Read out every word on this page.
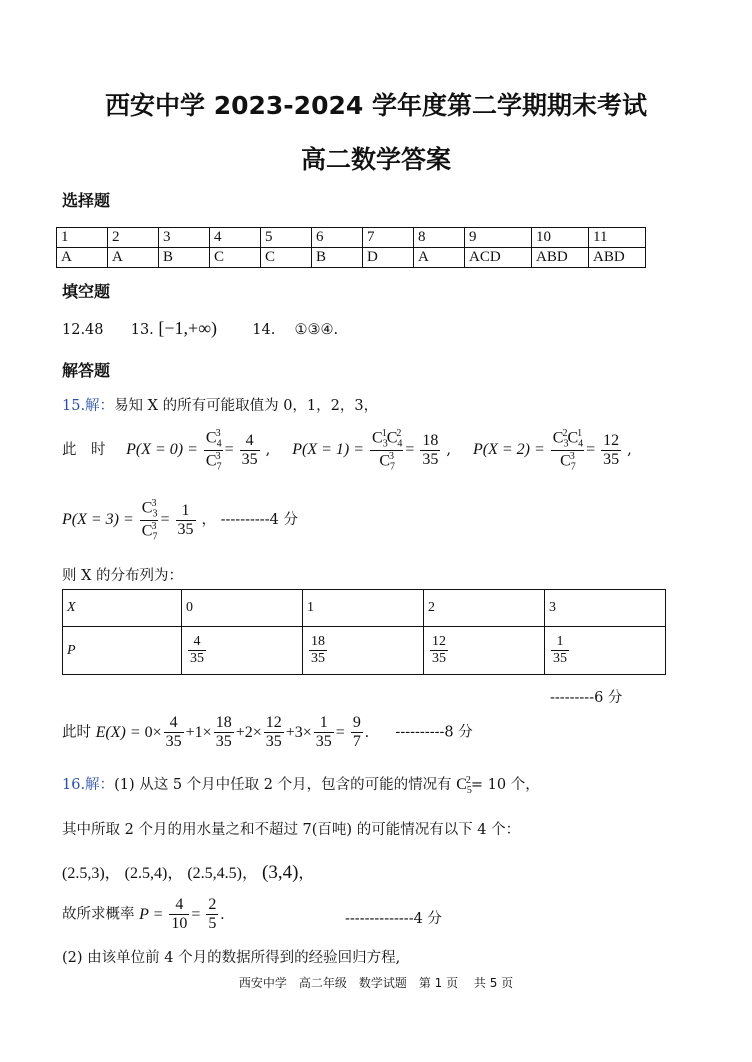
西安中学 2023-2024 学年度第二学期期末考试
高二数学答案
选择题
1	2	3	4	5	6	7	8	9	10	11
A	A	B	C	C	B	D	A	ACD	ABD	ABD
填空题
12.48 13. [−1,+∞) 14. ①③④.
解答题
15.解：易知 X 的所有可能取值为 0，1，2，3，
此　时 $P(X = 0) = \frac{C_4^3}{C_7^3} = \frac{4}{35}$ , $P(X = 1) = \frac{C_3^1C_4^2}{C_7^3} = \frac{18}{35}$ , $P(X = 2) = \frac{C_3^2C_4^1}{C_7^3} = \frac{12}{35}$ ,
$P(X = 3) = \frac{C_3^3}{C_7^3} = \frac{1}{35}$ ， ----------4 分
则 X 的分布列为：
X	0	1	2	3
P	$\frac{4}{35}$	$\frac{18}{35}$	$\frac{12}{35}$	$\frac{1}{35}$
---------6 分
此时 $E(X) = 0\times \frac{4}{35} +1\times \frac{18}{35} +2\times \frac{12}{35} +3\times \frac{1}{35} = \frac{9}{7}$ .  ----------8 分
16.解：(1) 从这 5 个月中任取 2 个月，包含的可能的情况有 $C_5^2= 10$ 个，
其中所取 2 个月的用水量之和不超过 7(百吨) 的可能情况有以下 4 个：
(2.5,3)， (2.5,4)， (2.5,4.5)， (3,4)，
故所求概率 $P = \frac{4}{10} = \frac{2}{5}$ .	--------------4 分
(2) 由该单位前 4 个月的数据所得到的经验回归方程,
西安中学　高二年级　数学试题　第 1 页　 共 5 页
